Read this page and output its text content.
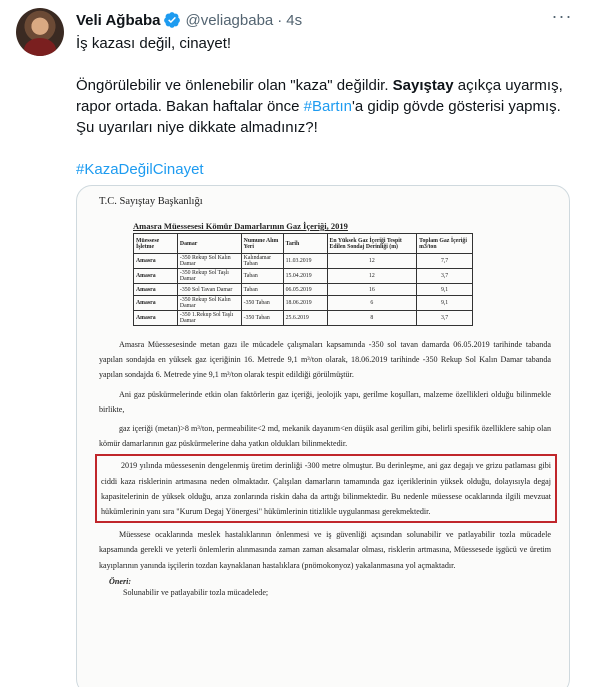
Veli Ağbaba @veliagbaba · 4s	···
İş kazası değil, cinayet!
Öngörülebilir ve önlenebilir olan "kaza" değildir. Sayıştay açıkça uyarmış, rapor ortada. Bakan haftalar önce #Bartın'a gidip gövde gösterisi yapmış. Şu uyarıları niye dikkate almadınız?!
#KazaDeğilCinayet
T.C. Sayıştay Başkanlığı
Amasra Müessesesi Kömür Damarlarının Gaz İçeriği, 2019
Müessese İşletme	Damar	Numune Alım Yeri	Tarih	En Yüksek Gaz İçeriği Tespit Edilen Sondaj Derinliği (m)	Toplam Gaz İçeriği m3/ton
Amasra	-350 Rekup Sol Kalın Damar	Kalındamar Taban	11.03.2019	12	7,7
Amasra	-350 Rekup Sol Taşlı Damar	Taban	15.04.2019	12	3,7
Amasra	-350 Sol Tavan Damar	Taban	06.05.2019	16	9,1
Amasra	-350 Rekup Sol Kalın Damar	-350 Taban	18.06.2019	6	9,1
Amasra	-350 1.Rekup Sol Taşlı Damar	-350 Taban	25.6.2019	8	3,7
Amasra Müessesesinde metan gazı ile mücadele çalışmaları kapsamında -350 sol tavan damarda 06.05.2019 tarihinde tabanda yapılan sondajda en yüksek gaz içeriğinin 16. Metrede 9,1 m³/ton olarak, 18.06.2019 tarihinde -350 Rekup Sol Kalın Damar tabanda yapılan sondajda 6. Metrede yine 9,1 m³/ton olarak tespit edildiği görülmüştür.
Ani gaz püskürmelerinde etkin olan faktörlerin gaz içeriği, jeolojik yapı, gerilme koşulları, malzeme özellikleri olduğu bilinmekle birlikte,
gaz içeriği (metan)>8 m³/ton, permeabilite<2 md, mekanik dayanım<en düşük asal gerilim gibi, belirli spesifik özelliklere sahip olan kömür damarlarının gaz püskürmelerine daha yatkın oldukları bilinmektedir.
2019 yılında müessesenin dengelenmiş üretim derinliği -300 metre olmuştur. Bu derinleşme, ani gaz degajı ve grizu patlaması gibi ciddi kaza risklerinin artmasına neden olmaktadır. Çalışılan damarların tamamında gaz içeriklerinin yüksek olduğu, dolayısıyla degaj kapasitelerinin de yüksek olduğu, arıza zonlarında riskin daha da arttığı bilinmektedir. Bu nedenle müessese ocaklarında ilgili mevzuat hükümlerinin yanı sıra "Kurum Degaj Yönergesi" hükümlerinin titizlikle uygulanması gerekmektedir.
Müessese ocaklarında meslek hastalıklarının önlenmesi ve iş güvenliği açısından solunabilir ve patlayabilir tozla mücadele kapsamında gerekli ve yeterli önlemlerin alınmasında zaman zaman aksamalar olması, risklerin artmasına, Müessesede işgücü ve üretim kayıplarının yanında işçilerin tozdan kaynaklanan hastalıklara (pnömokonyoz) yakalanmasına yol açmaktadır.
Öneri:
Solunabilir ve patlayabilir tozla mücadelede;
